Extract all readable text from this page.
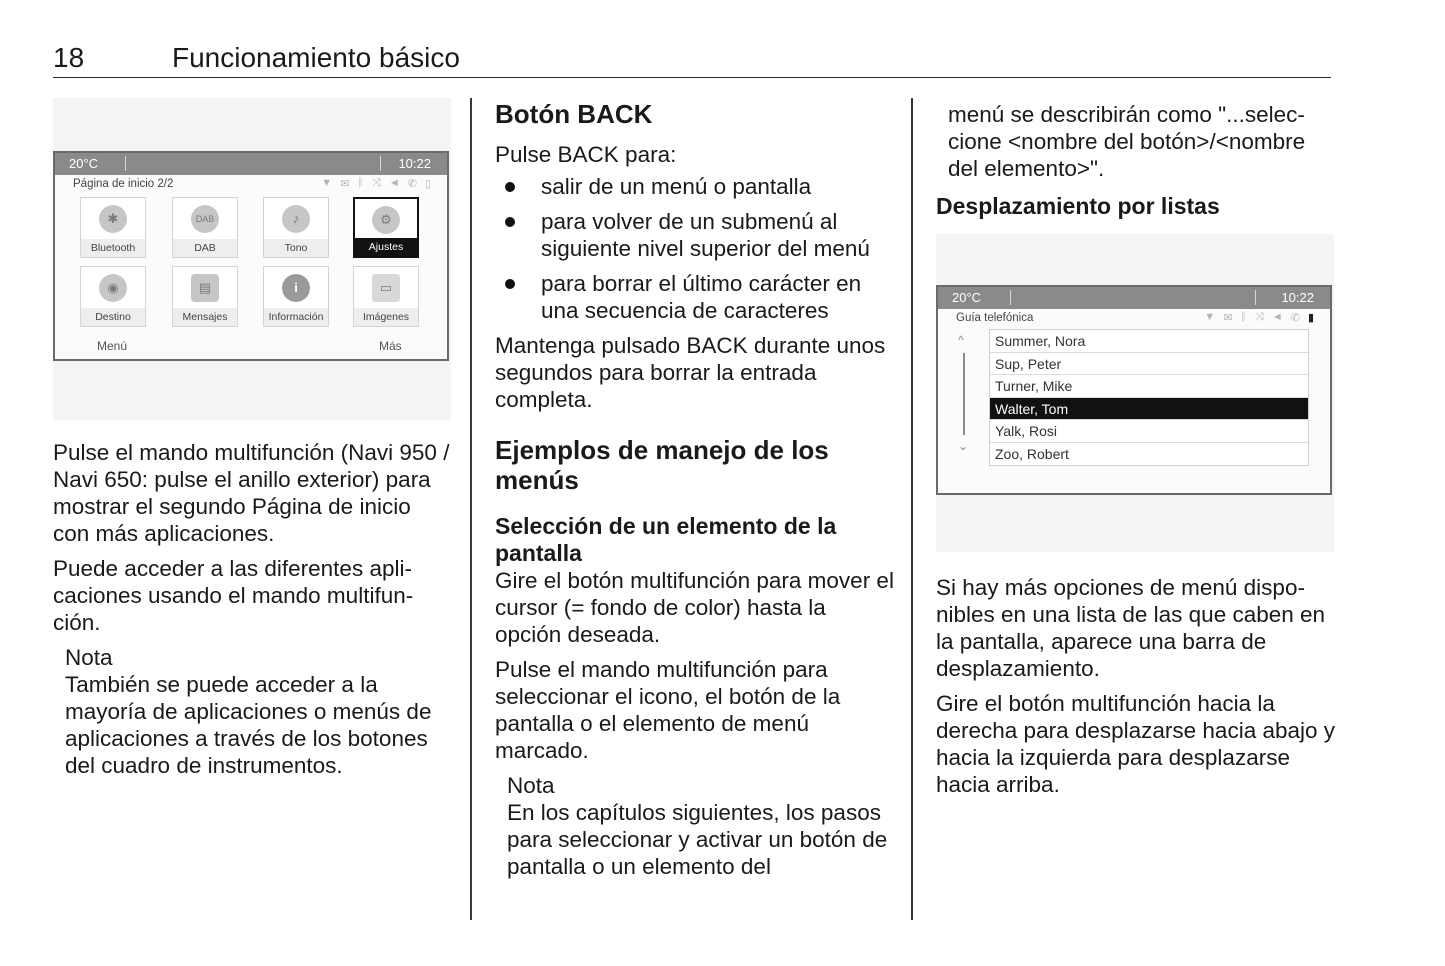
18	Funcionamiento básico
20°C	10:22
Página de inicio 2/2	▼ ✉ ᛒ ⤨ ◄ ✆ ▯
✱
Bluetooth
DAB
DAB
♪
Tono
⚙
Ajustes
◉
Destino
▤
Mensajes
i
Información
▭
Imágenes
Menú	Más

Pulse el mando multifunción (Navi 950 / Navi 650: pulse el anillo exterior) para mostrar el segundo Página de inicio con más aplicaciones.

Puede acceder a las diferentes aplicaciones usando el mando multifunción.

Nota

También se puede acceder a la mayoría de aplicaciones o menús de aplicaciones a través de los botones del cuadro de instrumentos.

Botón BACK

Pulse BACK para:

salir de un menú o pantalla
para volver de un submenú al siguiente nivel superior del menú
para borrar el último carácter en una secuencia de caracteres

Mantenga pulsado BACK durante unos segundos para borrar la entrada completa.

Ejemplos de manejo de los menús
Selección de un elemento de la pantalla

Gire el botón multifunción para mover el cursor (= fondo de color) hasta la opción deseada.

Pulse el mando multifunción para seleccionar el icono, el botón de la pantalla o el elemento de menú marcado.

Nota

En los capítulos siguientes, los pasos para seleccionar y activar un botón de pantalla o un elemento del

menú se describirán como "...seleccione <nombre del botón>/<nombre del elemento>".

Desplazamiento por listas
20°C	10:22
Guía telefónica	▼ ✉ ᛒ ⤨ ◄ ✆ ▮
^
⌄
Summer, Nora
Sup, Peter
Turner, Mike
Walter, Tom
Yalk, Rosi
Zoo, Robert

Si hay más opciones de menú disponibles en una lista de las que caben en la pantalla, aparece una barra de desplazamiento.

Gire el botón multifunción hacia la derecha para desplazarse hacia abajo y hacia la izquierda para desplazarse hacia arriba.
